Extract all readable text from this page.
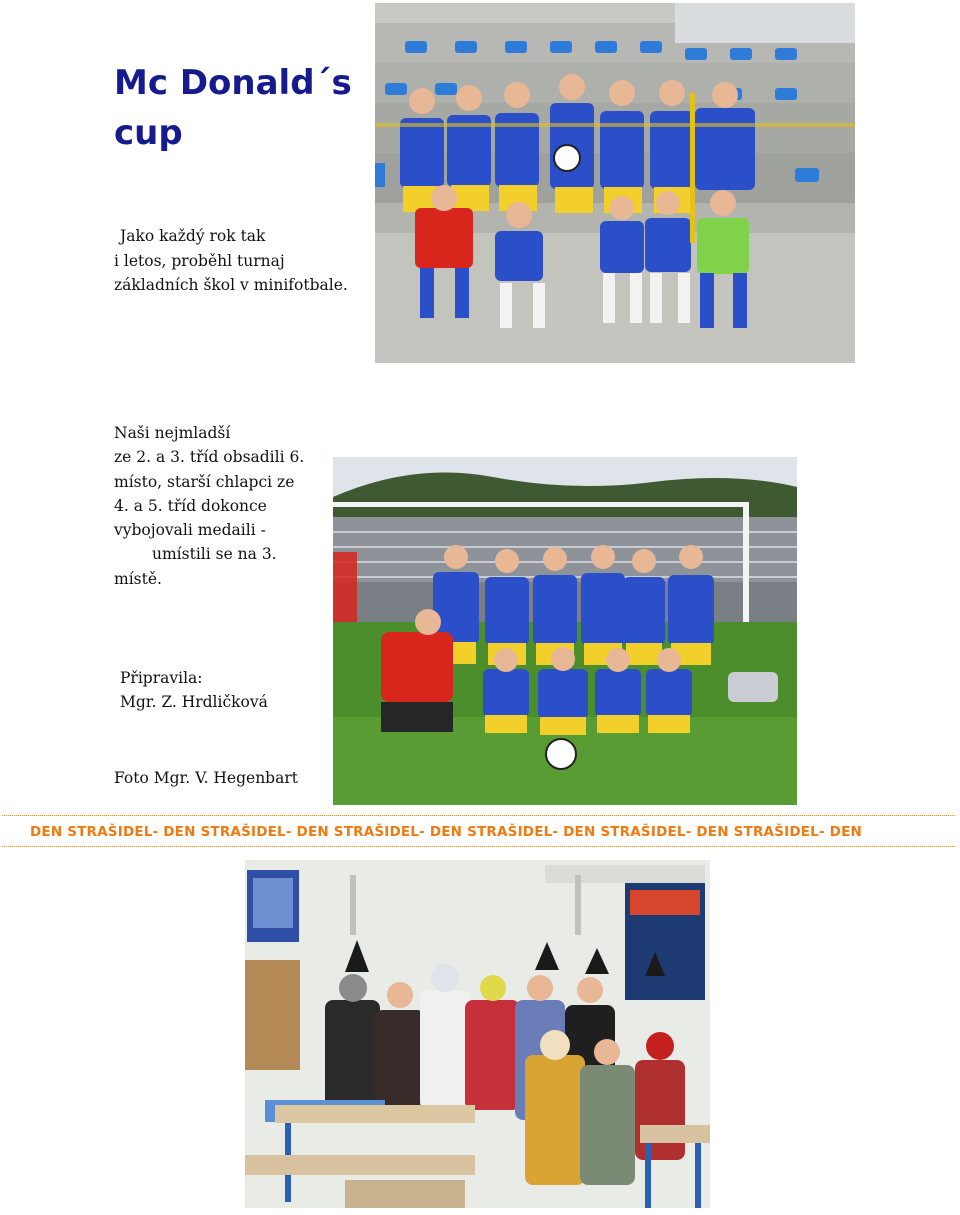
Mc Donald´s cup
Jako každý rok tak
i letos, proběhl turnaj
základních škol v minifotbale.
Naši nejmladší
ze 2. a 3. tříd obsadili 6.
místo, starší chlapci ze
4. a 5. tříd dokonce
vybojovali medaili -
umístili se na 3.
místě.
Připravila:
Mgr. Z. Hrdličková
Foto Mgr. V. Hegenbart
DEN STRAŠIDEL- DEN STRAŠIDEL- DEN STRAŠIDEL- DEN STRAŠIDEL- DEN STRAŠIDEL- DEN STRAŠIDEL- DEN
